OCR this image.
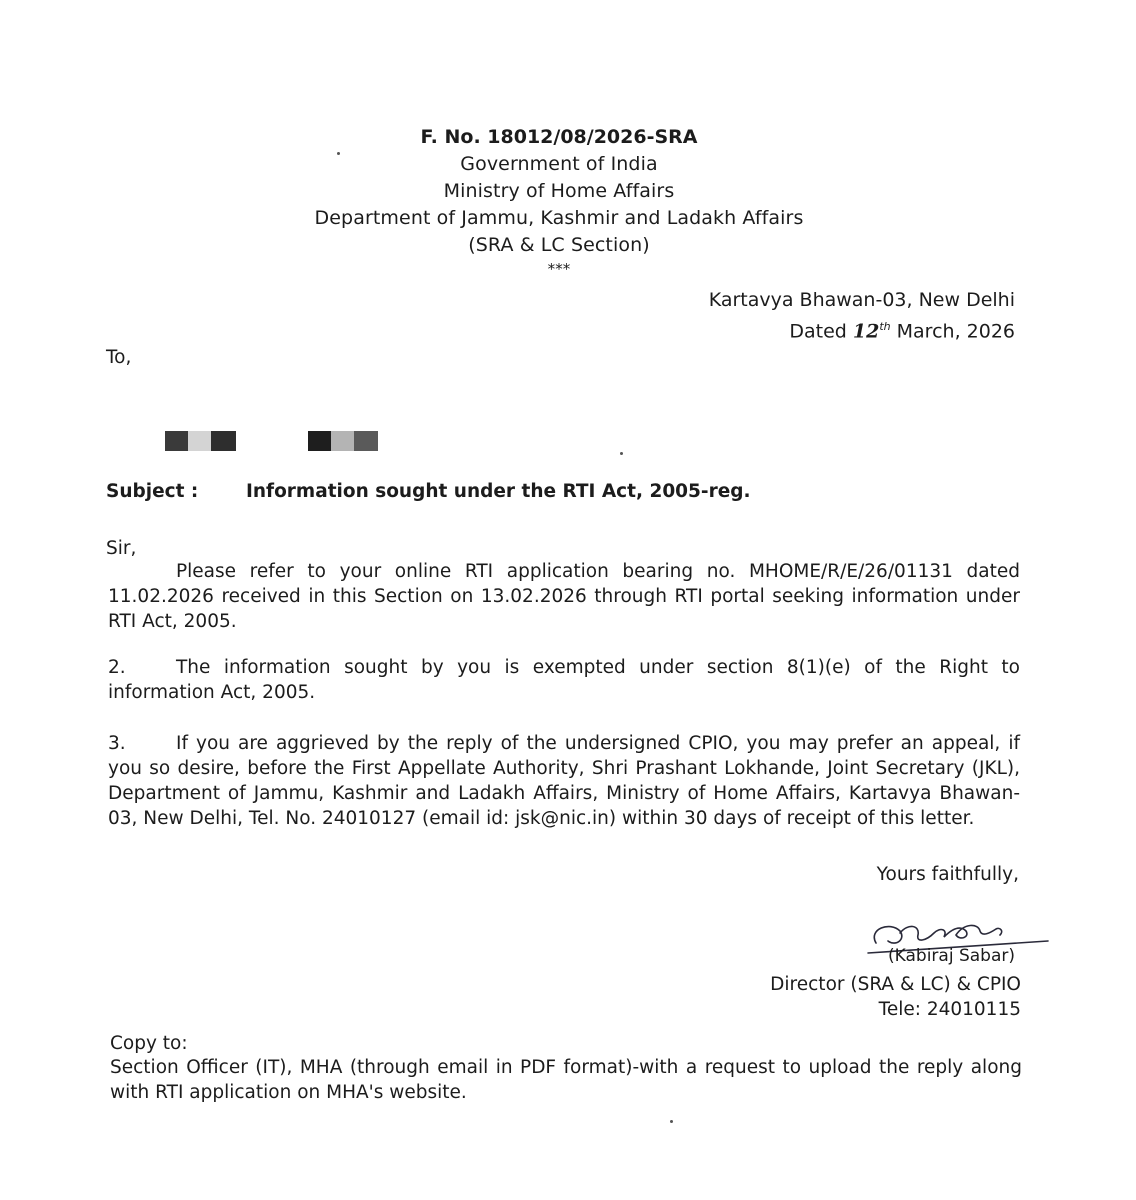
F. No. 18012/08/2026-SRA
Government of India
Ministry of Home Affairs
Department of Jammu, Kashmir and Ladakh Affairs
(SRA & LC Section)
***
Kartavya Bhawan-03, New Delhi
Dated 12th March, 2026
To,
Subject :	Information sought under the RTI Act, 2005-reg.
Sir,
Please refer to your online RTI application bearing no. MHOME/R/E/26/01131 dated 11.02.2026 received in this Section on 13.02.2026 through RTI portal seeking information under RTI Act, 2005.
2.	The information sought by you is exempted under section 8(1)(e) of the Right to information Act, 2005.
3.	If you are aggrieved by the reply of the undersigned CPIO, you may prefer an appeal, if you so desire, before the First Appellate Authority, Shri Prashant Lokhande, Joint Secretary (JKL), Department of Jammu, Kashmir and Ladakh Affairs, Ministry of Home Affairs, Kartavya Bhawan-03, New Delhi, Tel. No. 24010127 (email id: jsk@nic.in) within 30 days of receipt of this letter.
Yours faithfully,
(Kabiraj Sabar)
Director (SRA & LC) & CPIO
Tele: 24010115
Copy to:
Section Officer (IT), MHA (through email in PDF format)-with a request to upload the reply along with RTI application on MHA's website.
